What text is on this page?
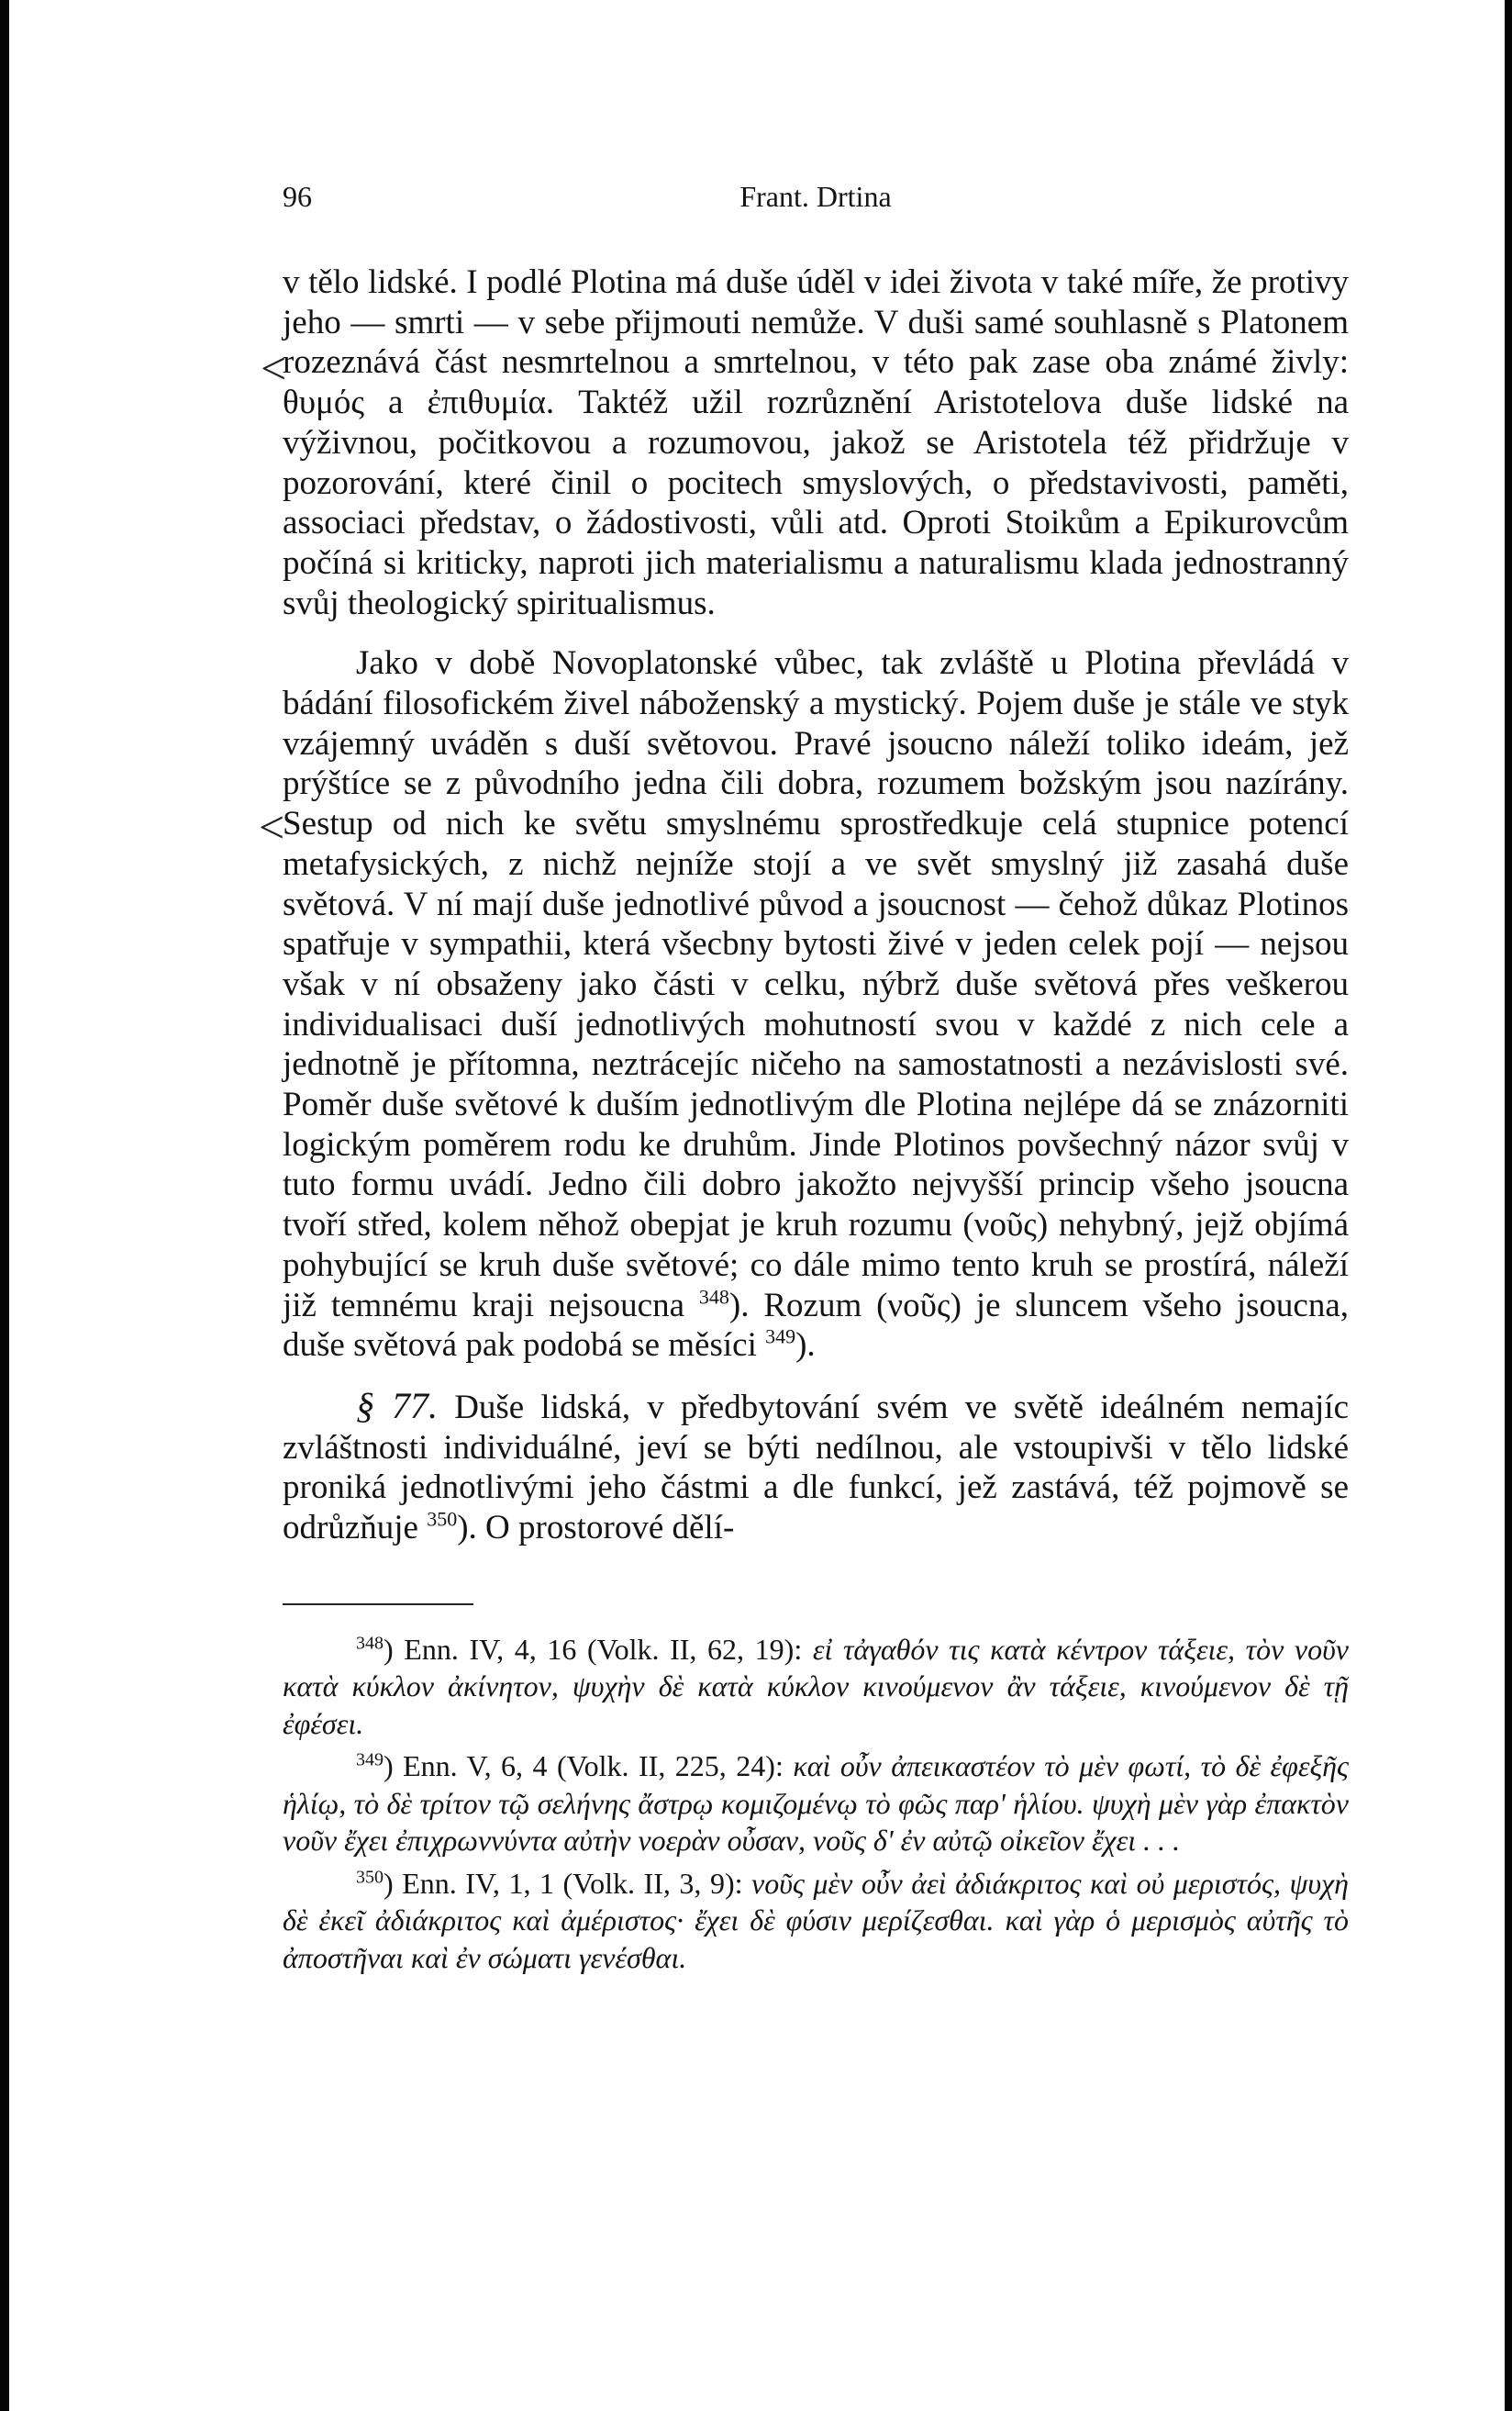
<
<
96	Frant. Drtina

v tělo lidské. I podlé Plotina má duše úděl v idei života v také míře, že protivy jeho — smrti — v sebe přijmouti nemůže. V duši samé souhlasně s Platonem rozeznává část nesmrtelnou a smrtelnou, v této pak zase oba známé živly: θυμός a ἐπιθυμία. Taktéž užil rozrůznění Aristotelova duše lidské na výživnou, počitkovou a rozumovou, jakož se Aristotela též přidržuje v pozorování, které činil o pocitech smyslových, o představivosti, paměti, associaci představ, o žádostivosti, vůli atd. Oproti Stoikům a Epikurovcům počíná si kriticky, naproti jich materialismu a naturalismu klada jednostranný svůj theologický spiritualismus.

Jako v době Novoplatonské vůbec, tak zvláště u Plotina převládá v bádání filosofickém živel náboženský a mystický. Pojem duše je stále ve styk vzájemný uváděn s duší světovou. Pravé jsoucno náleží toliko ideám, jež prýštíce se z původního jedna čili dobra, rozumem božským jsou nazírány. Sestup od nich ke světu smyslnému sprostředkuje celá stupnice potencí metafysických, z nichž nejníže stojí a ve svět smyslný již zasahá duše světová. V ní mají duše jednotlivé původ a jsoucnost — čehož důkaz Plotinos spatřuje v sympathii, která všecbny bytosti živé v jeden celek pojí — nejsou však v ní obsaženy jako části v celku, nýbrž duše světová přes veškerou individualisaci duší jednotlivých mohutností svou v každé z nich cele a jednotně je přítomna, neztrácejíc ničeho na samostatnosti a nezávislosti své. Poměr duše světové k duším jednotlivým dle Plotina nejlépe dá se znázorniti logickým poměrem rodu ke druhům. Jinde Plotinos povšechný názor svůj v tuto formu uvádí. Jedno čili dobro jakožto nejvyšší princip všeho jsoucna tvoří střed, kolem něhož obepjat je kruh rozumu (νοῦς) nehybný, jejž objímá pohybující se kruh duše světové; co dále mimo tento kruh se prostírá, náleží již temnému kraji nejsoucna $^{348}$). Rozum (νοῦς) je sluncem všeho jsoucna, duše světová pak podobá se měsíci $^{349}$).

§ 77. Duše lidská, v předbytování svém ve světě ideálném nemajíc zvláštnosti individuálné, jeví se býti nedílnou, ale vstoupivši v tělo lidské proniká jednotlivými jeho částmi a dle funkcí, jež zastává, též pojmově se odrůzňuje $^{350}$). O prostorové dělí-

$^{348}$) Enn. IV, 4, 16 (Volk. II, 62, 19): εἰ τἀγαθόν τις κατὰ κέντρον τάξειε, τὸν νοῦν κατὰ κύκλον ἀκίνητον, ψυχὴν δὲ κατὰ κύκλον κινούμενον ἂν τάξειε, κινούμενον δὲ τῇ ἐφέσει.

$^{349}$) Enn. V, 6, 4 (Volk. II, 225, 24): καὶ οὖν ἀπεικαστέον τὸ μὲν φωτί, τὸ δὲ ἐφεξῆς ἡλίῳ, τὸ δὲ τρίτον τῷ σελήνης ἄστρῳ κομιζομένῳ τὸ φῶς παρ' ἡλίου. ψυχὴ μὲν γὰρ ἐπακτὸν νοῦν ἔχει ἐπιχρωννύντα αὐτὴν νοερὰν οὖσαν, νοῦς δ' ἐν αὐτῷ οἰκεῖον ἔχει . . .

$^{350}$) Enn. IV, 1, 1 (Volk. II, 3, 9): νοῦς μὲν οὖν ἀεὶ ἀδιάκριτος καὶ οὐ μεριστός, ψυχὴ δὲ ἐκεῖ ἀδιάκριτος καὶ ἀμέριστος· ἔχει δὲ φύσιν μερίζεσθαι. καὶ γὰρ ὁ μερισμὸς αὐτῆς τὸ ἀποστῆναι καὶ ἐν σώματι γενέσθαι.
